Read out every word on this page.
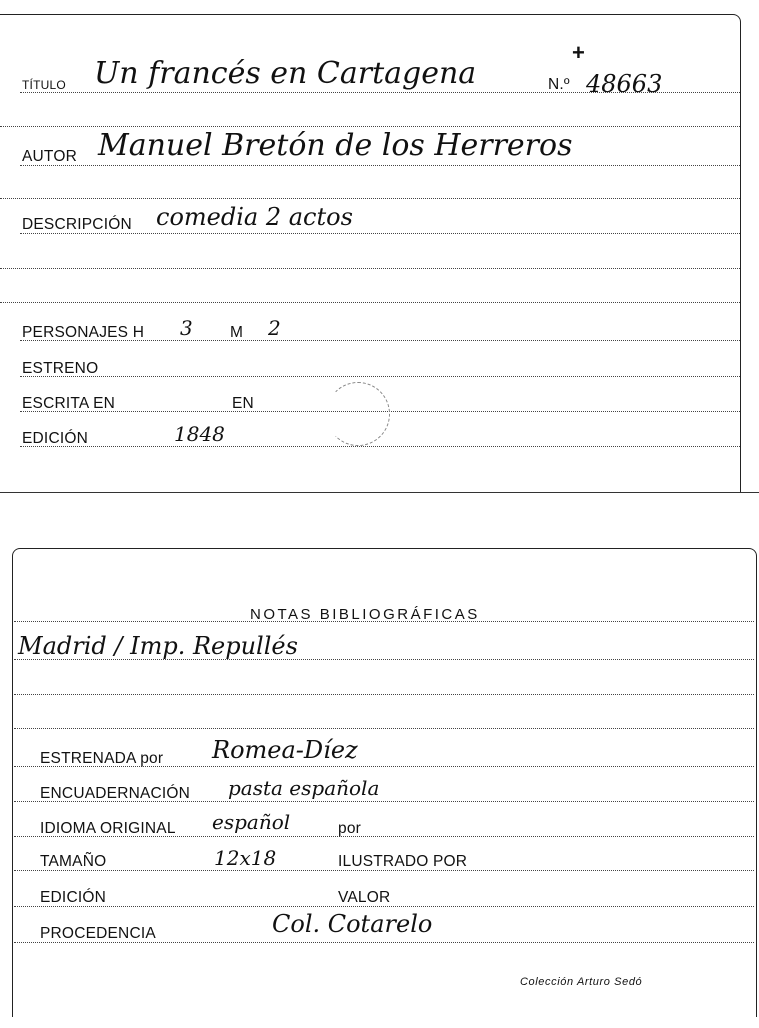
+
TÍTULO Un francés en Cartagena	N.º 48663
AUTOR Manuel Bretón de los Herreros
DESCRIPCIÓN comedia 2 actos
PERSONAJES H 3 M 2
ESTRENO
ESCRITA EN	EN
EDICIÓN	1848
NOTAS BIBLIOGRÁFICAS
Madrid / Imp. Repullés
ESTRENADA por Romea-Díez
ENCUADERNACIÓN pasta española
IDIOMA ORIGINAL español	por
TAMAÑO	12x18	ILUSTRADO POR
EDICIÓN	VALOR
PROCEDENCIA	Col. Cotarelo
Colección Arturo Sedó
